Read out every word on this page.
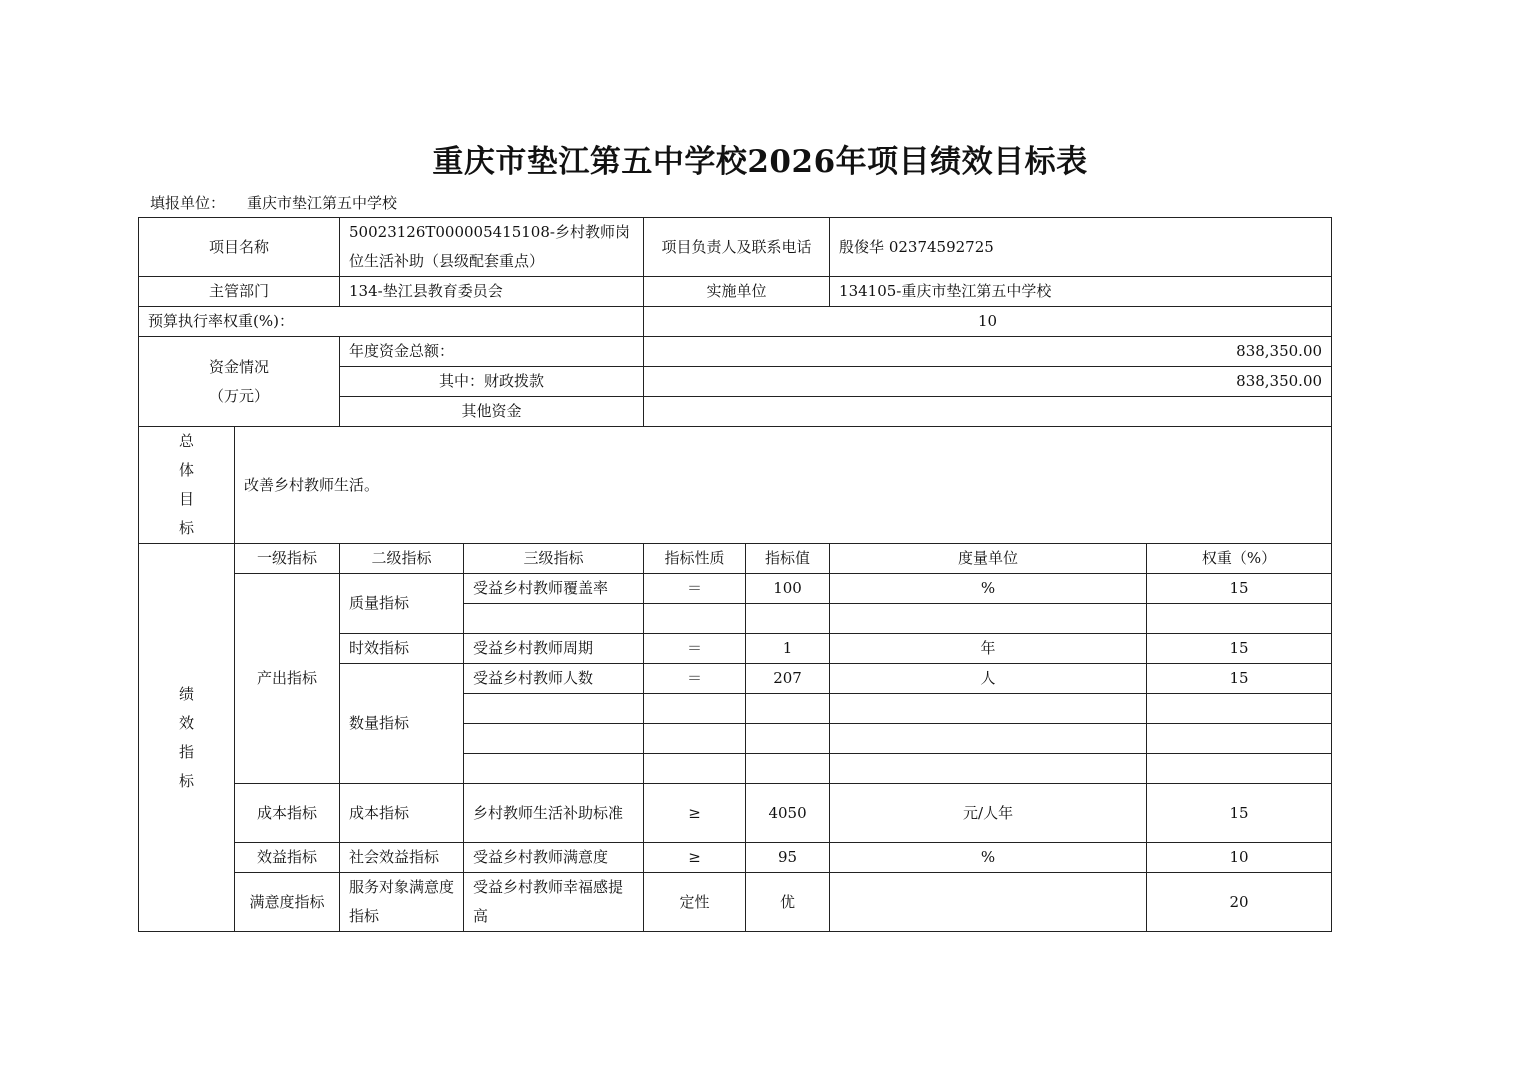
重庆市垫江第五中学校2026年项目绩效目标表
填报单位： 重庆市垫江第五中学校
项目名称		50023126T000005415108-乡村教师岗位生活补助（县级配套重点）		项目负责人及联系电话		殷俊华 02374592725	
主管部门		134-垫江县教育委员会		实施单位		134105-重庆市垫江第五中学校	
预算执行率权重(%)：				10			

资金情况
（万元）		年度资金总额：		838,350.00			
		其中：财政拨款		838,350.00			
		其他资金					

总
体
目
标	改善乡村教师生活。						

绩
效
指
标	一级指标	二级指标	三级指标	指标性质	指标值	度量单位	权重（%）
	产出指标	质量指标	受益乡村教师覆盖率	＝	100	%	15

		时效指标	受益乡村教师周期	＝	1	年	15
		数量指标	受益乡村教师人数	＝	207	人	15

	成本指标	成本指标	乡村教师生活补助标准	≥	4050	元/人年	15
	效益指标	社会效益指标	受益乡村教师满意度	≥	95	%	10
	满意度指标	服务对象满意度指标	受益乡村教师幸福感提高	定性	优		20
